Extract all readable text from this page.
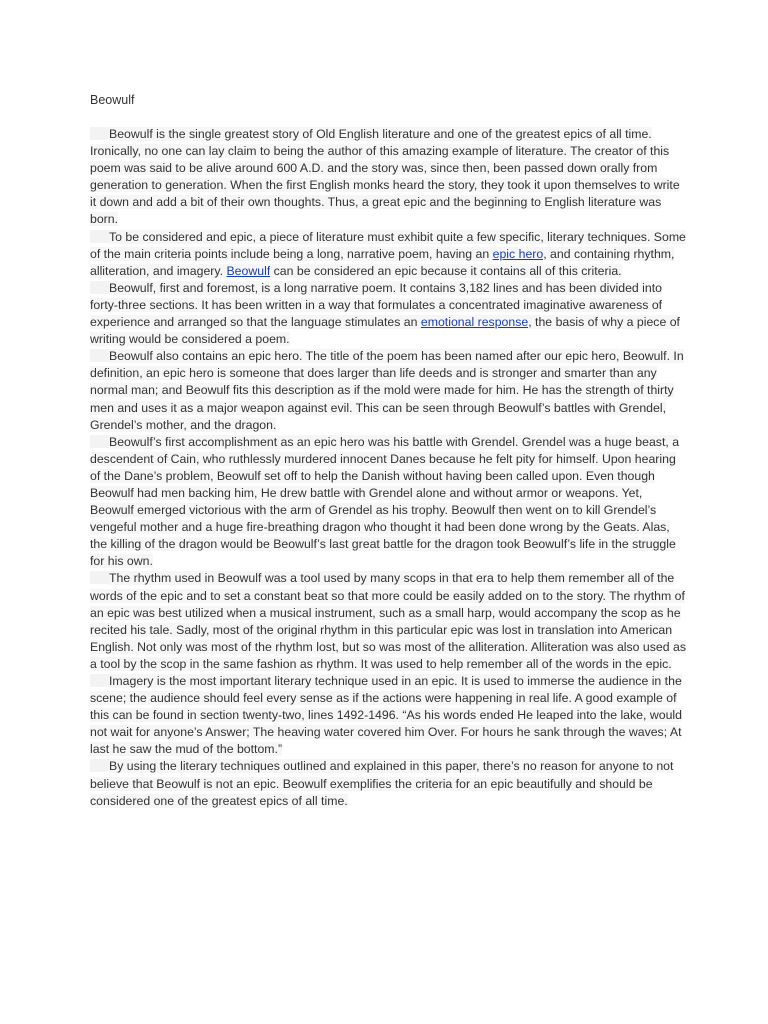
Beowulf

Beowulf is the single greatest story of Old English literature and one of the greatest epics of all time. Ironically, no one can lay claim to being the author of this amazing example of literature. The creator of this poem was said to be alive around 600 A.D. and the story was, since then, been passed down orally from generation to generation. When the first English monks heard the story, they took it upon themselves to write it down and add a bit of their own thoughts. Thus, a great epic and the beginning to English literature was born.

To be considered and epic, a piece of literature must exhibit quite a few specific, literary techniques. Some of the main criteria points include being a long, narrative poem, having an epic hero, and containing rhythm, alliteration, and imagery. Beowulf can be considered an epic because it contains all of this criteria.

Beowulf, first and foremost, is a long narrative poem. It contains 3,182 lines and has been divided into forty-three sections. It has been written in a way that formulates a concentrated imaginative awareness of experience and arranged so that the language stimulates an emotional response, the basis of why a piece of writing would be considered a poem.

Beowulf also contains an epic hero. The title of the poem has been named after our epic hero, Beowulf. In definition, an epic hero is someone that does larger than life deeds and is stronger and smarter than any normal man; and Beowulf fits this description as if the mold were made for him. He has the strength of thirty men and uses it as a major weapon against evil. This can be seen through Beowulf’s battles with Grendel, Grendel’s mother, and the dragon.

Beowulf’s first accomplishment as an epic hero was his battle with Grendel. Grendel was a huge beast, a descendent of Cain, who ruthlessly murdered innocent Danes because he felt pity for himself. Upon hearing of the Dane’s problem, Beowulf set off to help the Danish without having been called upon. Even though Beowulf had men backing him, He drew battle with Grendel alone and without armor or weapons. Yet, Beowulf emerged victorious with the arm of Grendel as his trophy. Beowulf then went on to kill Grendel’s vengeful mother and a huge fire-breathing dragon who thought it had been done wrong by the Geats. Alas, the killing of the dragon would be Beowulf’s last great battle for the dragon took Beowulf’s life in the struggle for his own.

The rhythm used in Beowulf was a tool used by many scops in that era to help them remember all of the words of the epic and to set a constant beat so that more could be easily added on to the story. The rhythm of an epic was best utilized when a musical instrument, such as a small harp, would accompany the scop as he recited his tale. Sadly, most of the original rhythm in this particular epic was lost in translation into American English. Not only was most of the rhythm lost, but so was most of the alliteration. Alliteration was also used as a tool by the scop in the same fashion as rhythm. It was used to help remember all of the words in the epic.

Imagery is the most important literary technique used in an epic. It is used to immerse the audience in the scene; the audience should feel every sense as if the actions were happening in real life. A good example of this can be found in section twenty-two, lines 1492-1496. “As his words ended He leaped into the lake, would not wait for anyone’s Answer; The heaving water covered him Over. For hours he sank through the waves; At last he saw the mud of the bottom.”

By using the literary techniques outlined and explained in this paper, there’s no reason for anyone to not believe that Beowulf is not an epic. Beowulf exemplifies the criteria for an epic beautifully and should be considered one of the greatest epics of all time.
